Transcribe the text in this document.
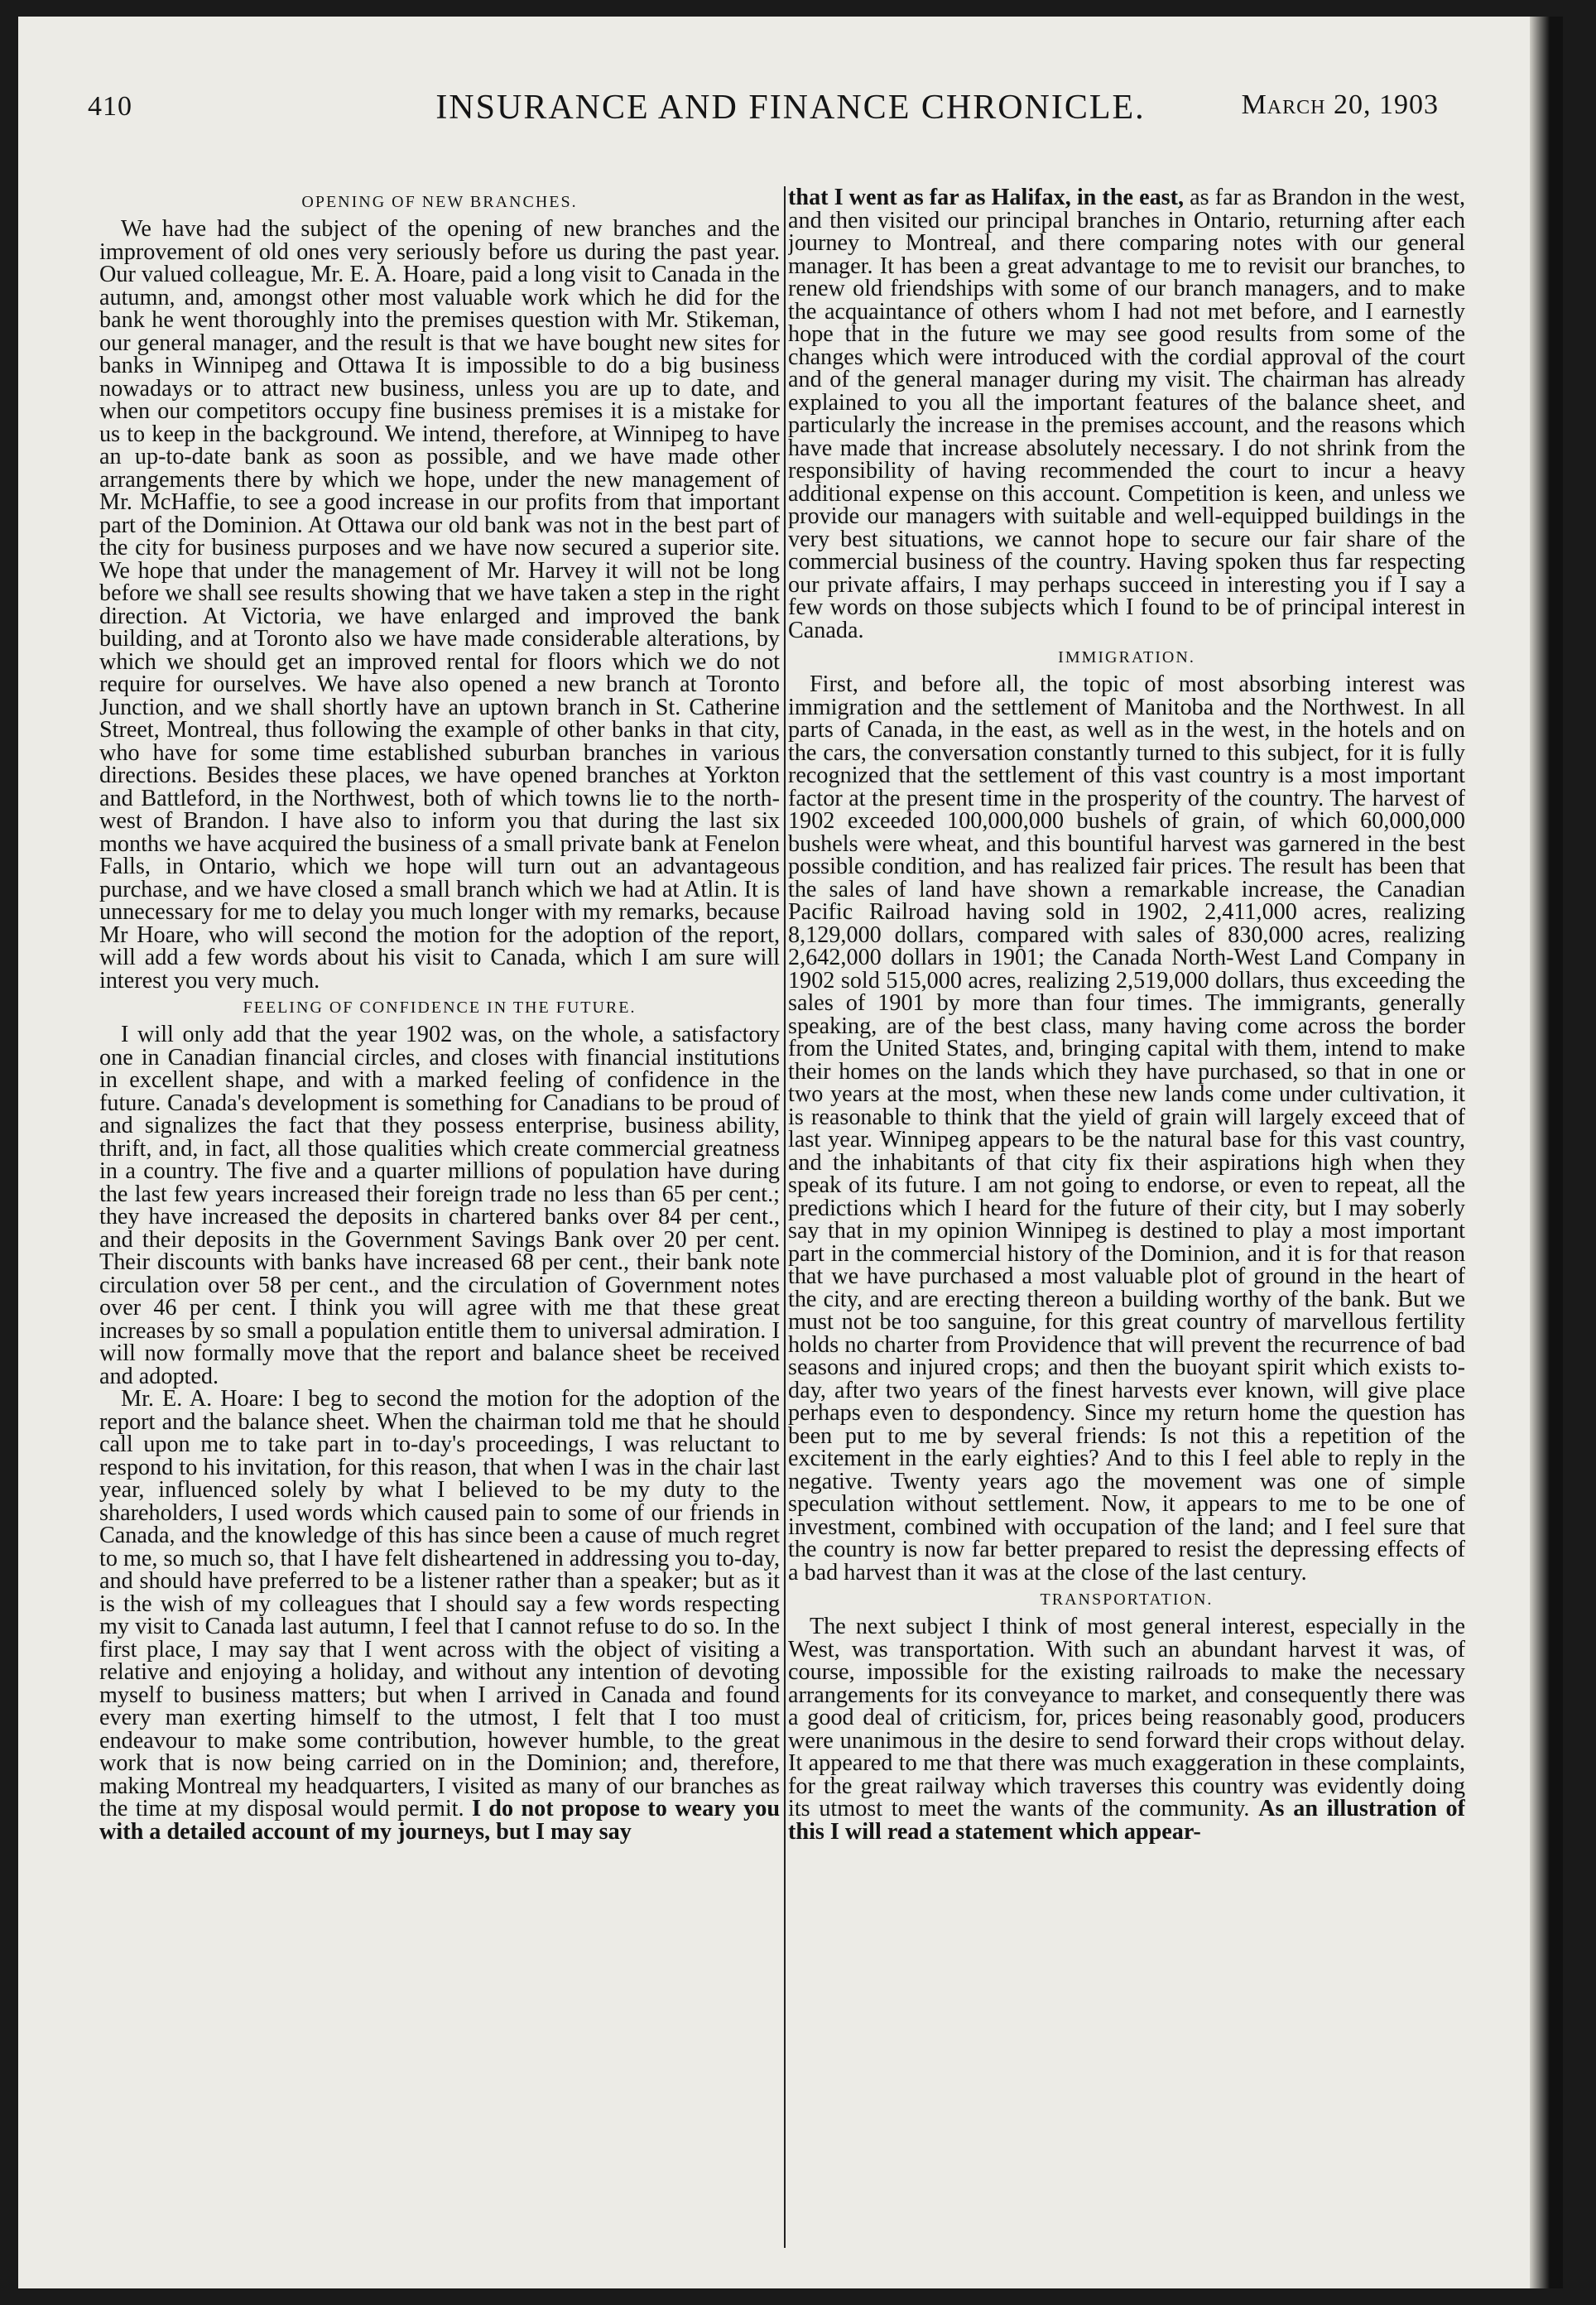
410	INSURANCE AND FINANCE CHRONICLE.	March 20, 1903
OPENING OF NEW BRANCHES.

We have had the subject of the opening of new branches and the improvement of old ones very seriously before us during the past year. Our valued colleague, Mr. E. A. Hoare, paid a long visit to Canada in the autumn, and, amongst other most valuable work which he did for the bank he went thoroughly into the premises question with Mr. Stikeman, our general manager, and the result is that we have bought new sites for banks in Winnipeg and Ottawa It is impossible to do a big business nowadays or to attract new business, unless you are up to date, and when our competitors occupy fine business premises it is a mistake for us to keep in the background. We intend, therefore, at Winnipeg to have an up-to-date bank as soon as possible, and we have made other arrangements there by which we hope, under the new management of Mr. McHaffie, to see a good increase in our profits from that important part of the Dominion. At Ottawa our old bank was not in the best part of the city for business purposes and we have now secured a superior site. We hope that under the management of Mr. Harvey it will not be long before we shall see results showing that we have taken a step in the right direction. At Victoria, we have enlarged and improved the bank building, and at Toronto also we have made considerable alterations, by which we should get an improved rental for floors which we do not require for ourselves. We have also opened a new branch at Toronto Junction, and we shall shortly have an uptown branch in St. Catherine Street, Montreal, thus following the example of other banks in that city, who have for some time established suburban branches in various directions. Besides these places, we have opened branches at Yorkton and Battleford, in the Northwest, both of which towns lie to the north-west of Brandon. I have also to inform you that during the last six months we have acquired the business of a small private bank at Fenelon Falls, in Ontario, which we hope will turn out an advantageous purchase, and we have closed a small branch which we had at Atlin. It is unnecessary for me to delay you much longer with my remarks, because Mr Hoare, who will second the motion for the adoption of the report, will add a few words about his visit to Canada, which I am sure will interest you very much.

FEELING OF CONFIDENCE IN THE FUTURE.

I will only add that the year 1902 was, on the whole, a satisfactory one in Canadian financial circles, and closes with financial institutions in excellent shape, and with a marked feeling of confidence in the future. Canada's development is something for Canadians to be proud of and signalizes the fact that they possess enterprise, business ability, thrift, and, in fact, all those qualities which create commercial greatness in a country. The five and a quarter millions of population have during the last few years increased their foreign trade no less than 65 per cent.; they have increased the deposits in chartered banks over 84 per cent., and their deposits in the Government Savings Bank over 20 per cent. Their discounts with banks have increased 68 per cent., their bank note circulation over 58 per cent., and the circulation of Government notes over 46 per cent. I think you will agree with me that these great increases by so small a population entitle them to universal admiration. I will now formally move that the report and balance sheet be received and adopted.

Mr. E. A. Hoare: I beg to second the motion for the adoption of the report and the balance sheet. When the chairman told me that he should call upon me to take part in to-day's proceedings, I was reluctant to respond to his invitation, for this reason, that when I was in the chair last year, influenced solely by what I believed to be my duty to the shareholders, I used words which caused pain to some of our friends in Canada, and the knowledge of this has since been a cause of much regret to me, so much so, that I have felt disheartened in addressing you to-day, and should have preferred to be a listener rather than a speaker; but as it is the wish of my colleagues that I should say a few words respecting my visit to Canada last autumn, I feel that I cannot refuse to do so. In the first place, I may say that I went across with the object of visiting a relative and enjoying a holiday, and without any intention of devoting myself to business matters; but when I arrived in Canada and found every man exerting himself to the utmost, I felt that I too must endeavour to make some contribution, however humble, to the great work that is now being carried on in the Dominion; and, therefore, making Montreal my headquarters, I visited as many of our branches as the time at my disposal would permit. I do not propose to weary you with a detailed account of my journeys, but I may say

that I went as far as Halifax, in the east, as far as Brandon in the west, and then visited our principal branches in Ontario, returning after each journey to Montreal, and there comparing notes with our general manager. It has been a great advantage to me to revisit our branches, to renew old friendships with some of our branch managers, and to make the acquaintance of others whom I had not met before, and I earnestly hope that in the future we may see good results from some of the changes which were introduced with the cordial approval of the court and of the general manager during my visit. The chairman has already explained to you all the important features of the balance sheet, and particularly the increase in the premises account, and the reasons which have made that increase absolutely necessary. I do not shrink from the responsibility of having recommended the court to incur a heavy additional expense on this account. Competition is keen, and unless we provide our managers with suitable and well-equipped buildings in the very best situations, we cannot hope to secure our fair share of the commercial business of the country. Having spoken thus far respecting our private affairs, I may perhaps succeed in interesting you if I say a few words on those subjects which I found to be of principal interest in Canada.

IMMIGRATION.

First, and before all, the topic of most absorbing interest was immigration and the settlement of Manitoba and the Northwest. In all parts of Canada, in the east, as well as in the west, in the hotels and on the cars, the conversation constantly turned to this subject, for it is fully recognized that the settlement of this vast country is a most important factor at the present time in the prosperity of the country. The harvest of 1902 exceeded 100,000,000 bushels of grain, of which 60,000,000 bushels were wheat, and this bountiful harvest was garnered in the best possible condition, and has realized fair prices. The result has been that the sales of land have shown a remarkable increase, the Canadian Pacific Railroad having sold in 1902, 2,411,000 acres, realizing 8,129,000 dollars, compared with sales of 830,000 acres, realizing 2,642,000 dollars in 1901; the Canada North-West Land Company in 1902 sold 515,000 acres, realizing 2,519,000 dollars, thus exceeding the sales of 1901 by more than four times. The immigrants, generally speaking, are of the best class, many having come across the border from the United States, and, bringing capital with them, intend to make their homes on the lands which they have purchased, so that in one or two years at the most, when these new lands come under cultivation, it is reasonable to think that the yield of grain will largely exceed that of last year. Winnipeg appears to be the natural base for this vast country, and the inhabitants of that city fix their aspirations high when they speak of its future. I am not going to endorse, or even to repeat, all the predictions which I heard for the future of their city, but I may soberly say that in my opinion Winnipeg is destined to play a most important part in the commercial history of the Dominion, and it is for that reason that we have purchased a most valuable plot of ground in the heart of the city, and are erecting thereon a building worthy of the bank. But we must not be too sanguine, for this great country of marvellous fertility holds no charter from Providence that will prevent the recurrence of bad seasons and injured crops; and then the buoyant spirit which exists to-day, after two years of the finest harvests ever known, will give place perhaps even to despondency. Since my return home the question has been put to me by several friends: Is not this a repetition of the excitement in the early eighties? And to this I feel able to reply in the negative. Twenty years ago the movement was one of simple speculation without settlement. Now, it appears to me to be one of investment, combined with occupation of the land; and I feel sure that the country is now far better prepared to resist the depressing effects of a bad harvest than it was at the close of the last century.

TRANSPORTATION.

The next subject I think of most general interest, especially in the West, was transportation. With such an abundant harvest it was, of course, impossible for the existing railroads to make the necessary arrangements for its conveyance to market, and consequently there was a good deal of criticism, for, prices being reasonably good, producers were unanimous in the desire to send forward their crops without delay. It appeared to me that there was much exaggeration in these complaints, for the great railway which traverses this country was evidently doing its utmost to meet the wants of the community. As an illustration of this I will read a statement which appear-
